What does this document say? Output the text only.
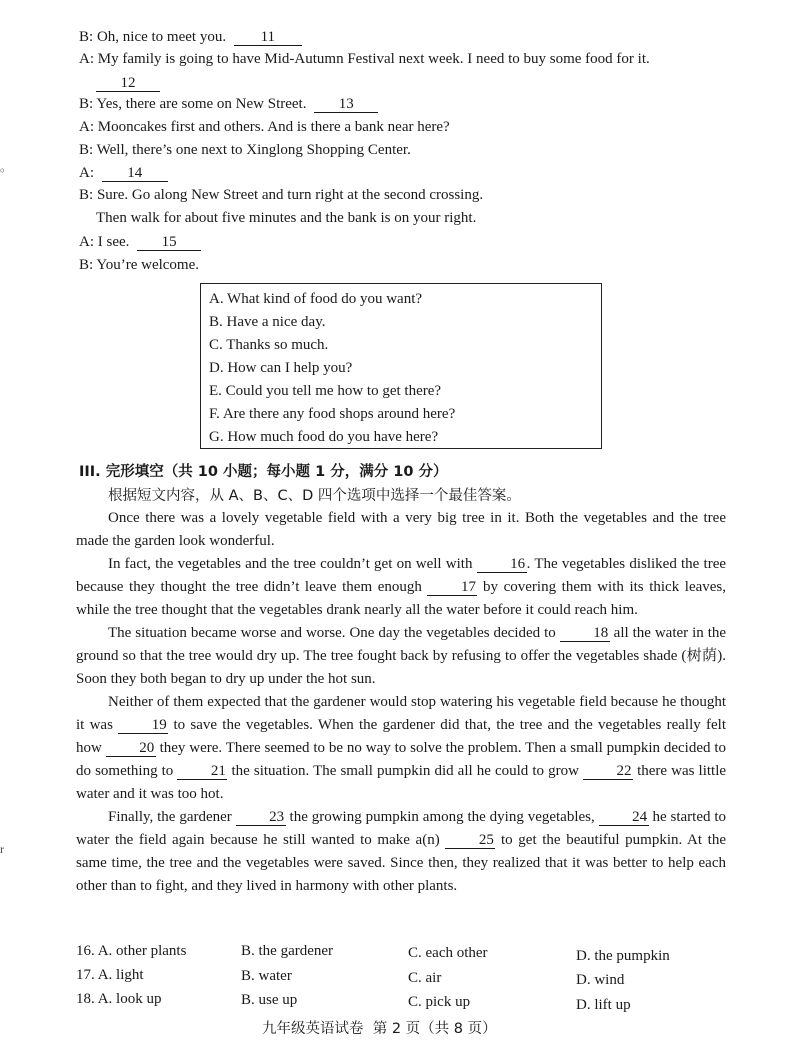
B: Oh, nice to meet you. 11
A: My family is going to have Mid-Autumn Festival next week. I need to buy some food for it.
12
B: Yes, there are some on New Street. 13
A: Mooncakes first and others. And is there a bank near here?
B: Well, there’s one next to Xinglong Shopping Center.
A: 14
B: Sure. Go along New Street and turn right at the second crossing.
Then walk for about five minutes and the bank is on your right.
A: I see. 15
B: You’re welcome.
A. What kind of food do you want?
B. Have a nice day.
C. Thanks so much.
D. How can I help you?
E. Could you tell me how to get there?
F. Are there any food shops around here?
G. How much food do you have here?
III. 完形填空（共 10 小题；每小题 1 分，满分 10 分）
根据短文内容，从 A、B、C、D 四个选项中选择一个最佳答案。
Once there was a lovely vegetable field with a very big tree in it. Both the vegetables and the tree made the garden look wonderful.
In fact, the vegetables and the tree couldn’t get on well with	16 . The vegetables disliked the tree because they thought the tree didn’t leave them enough	17 by covering them with its thick leaves, while the tree thought that the vegetables drank nearly all the water before it could reach him.
The situation became worse and worse. One day the vegetables decided to 18 all the water in the ground so that the tree would dry up. The tree fought back by refusing to offer the vegetables shade (树荫). Soon they both began to dry up under the hot sun.
Neither of them expected that the gardener would stop watering his vegetable field because he thought it was	19 to save the vegetables. When the gardener did that, the tree and the vegetables really felt how 20 they were. There seemed to be no way to solve the problem. Then a small pumpkin decided to do something to	21 the situation. The small pumpkin did all he could to grow	22 there was little water and it was too hot.
Finally, the gardener 23 the growing pumpkin among the dying vegetables, 24 he started to water the field again because he still wanted to make a(n)	25 to get the beautiful pumpkin. At the same time, the tree and the vegetables were saved. Since then, they realized that it was better to help each other than to fight, and they lived in harmony with other plants.
16. A. other plants	B. the gardener	C. each other	D. the pumpkin
17. A. light	B. water	C. air	D. wind
18. A. look up	B. use up	C. pick up	D. lift up
九年级英语试卷  第 2 页（共 8 页）
。
r
